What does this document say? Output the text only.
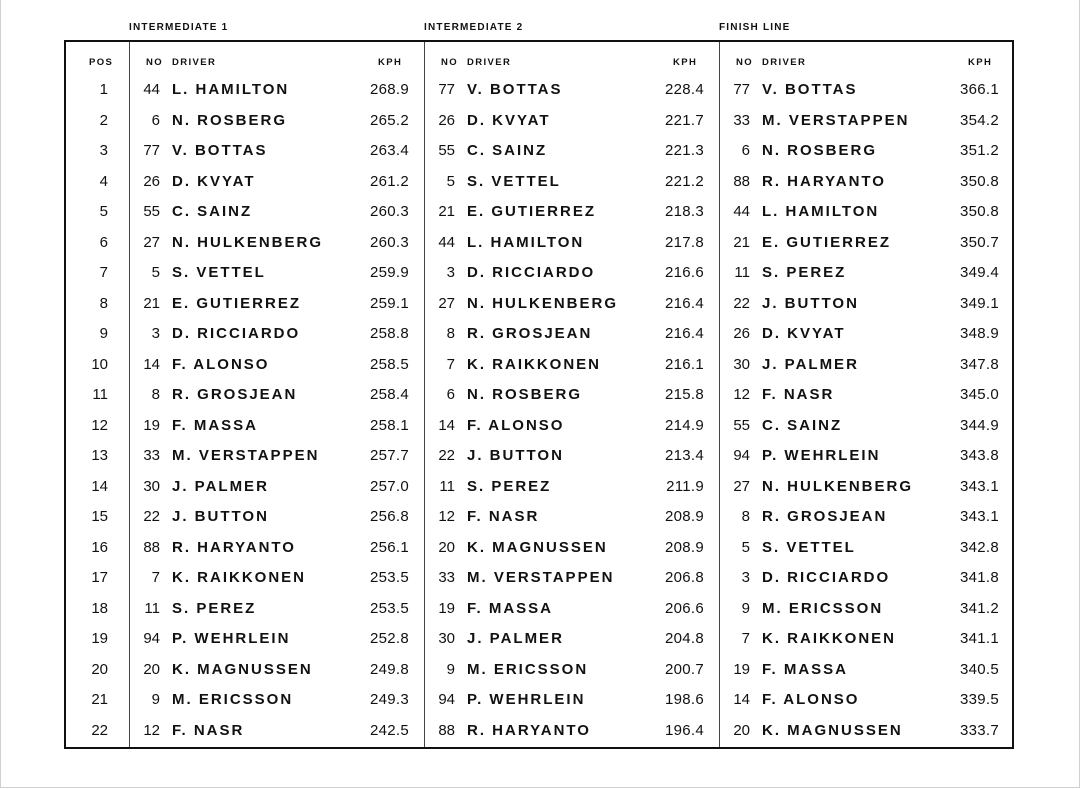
INTERMEDIATE 1	INTERMEDIATE 2	FINISH LINE
POS	NO DRIVER	KPH	NO DRIVER	KPH	NO DRIVER	KPH
1	44 L. HAMILTON	268.9	77 V. BOTTAS	228.4	77 V. BOTTAS	366.1
2	6 N. ROSBERG	265.2	26 D. KVYAT	221.7	33 M. VERSTAPPEN	354.2
3	77 V. BOTTAS	263.4	55 C. SAINZ	221.3	6 N. ROSBERG	351.2
4	26 D. KVYAT	261.2	5 S. VETTEL	221.2	88 R. HARYANTO	350.8
5	55 C. SAINZ	260.3	21 E. GUTIERREZ	218.3	44 L. HAMILTON	350.8
6	27 N. HULKENBERG	260.3	44 L. HAMILTON	217.8	21 E. GUTIERREZ	350.7
7	5 S. VETTEL	259.9	3 D. RICCIARDO	216.6	11 S. PEREZ	349.4
8	21 E. GUTIERREZ	259.1	27 N. HULKENBERG	216.4	22 J. BUTTON	349.1
9	3 D. RICCIARDO	258.8	8 R. GROSJEAN	216.4	26 D. KVYAT	348.9
10	14 F. ALONSO	258.5	7 K. RAIKKONEN	216.1	30 J. PALMER	347.8
11	8 R. GROSJEAN	258.4	6 N. ROSBERG	215.8	12 F. NASR	345.0
12	19 F. MASSA	258.1	14 F. ALONSO	214.9	55 C. SAINZ	344.9
13	33 M. VERSTAPPEN	257.7	22 J. BUTTON	213.4	94 P. WEHRLEIN	343.8
14	30 J. PALMER	257.0	11 S. PEREZ	211.9	27 N. HULKENBERG	343.1
15	22 J. BUTTON	256.8	12 F. NASR	208.9	8 R. GROSJEAN	343.1
16	88 R. HARYANTO	256.1	20 K. MAGNUSSEN	208.9	5 S. VETTEL	342.8
17	7 K. RAIKKONEN	253.5	33 M. VERSTAPPEN	206.8	3 D. RICCIARDO	341.8
18	11 S. PEREZ	253.5	19 F. MASSA	206.6	9 M. ERICSSON	341.2
19	94 P. WEHRLEIN	252.8	30 J. PALMER	204.8	7 K. RAIKKONEN	341.1
20	20 K. MAGNUSSEN	249.8	9 M. ERICSSON	200.7	19 F. MASSA	340.5
21	9 M. ERICSSON	249.3	94 P. WEHRLEIN	198.6	14 F. ALONSO	339.5
22	12 F. NASR	242.5	88 R. HARYANTO	196.4	20 K. MAGNUSSEN	333.7
